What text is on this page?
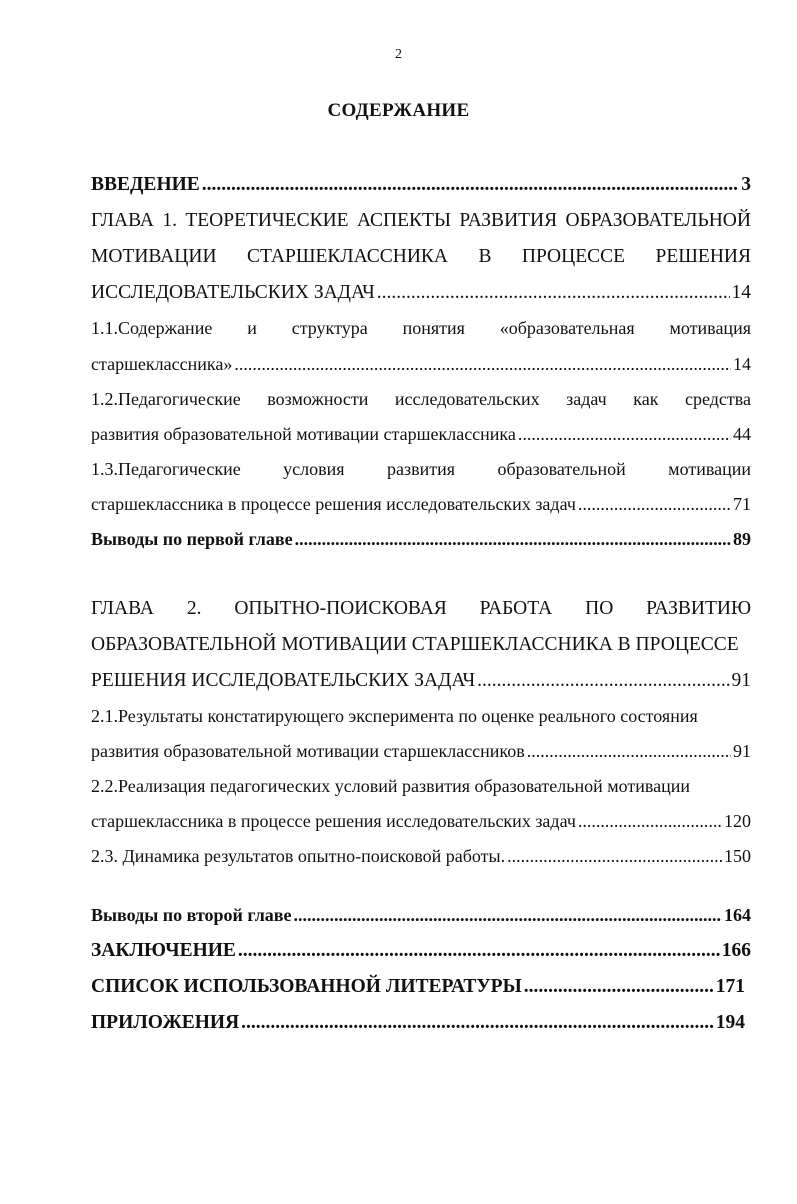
2
СОДЕРЖАНИЕ
ВВЕДЕНИЕ .....	3
ГЛАВА 1. ТЕОРЕТИЧЕСКИЕ АСПЕКТЫ РАЗВИТИЯ ОБРАЗОВАТЕЛЬНОЙ
МОТИВАЦИИ СТАРШЕКЛАССНИКА В ПРОЦЕССЕ РЕШЕНИЯ
ИССЛЕДОВАТЕЛЬСКИХ ЗАДАЧ .....	14
1.1.Содержание и структура понятия «образовательная мотивация
старшеклассника» .....	14
1.2.Педагогические возможности исследовательских задач как средства
развития образовательной мотивации старшеклассника .....	44
1.3.Педагогические условия развития образовательной мотивации
старшеклассника в процессе решения исследовательских задач .....	71
Выводы по первой главе .....	89
ГЛАВА 2. ОПЫТНО-ПОИСКОВАЯ РАБОТА ПО РАЗВИТИЮ
ОБРАЗОВАТЕЛЬНОЙ МОТИВАЦИИ СТАРШЕКЛАССНИКА В ПРОЦЕССЕ
РЕШЕНИЯ ИССЛЕДОВАТЕЛЬСКИХ ЗАДАЧ .....	91
2.1.Результаты констатирующего эксперимента по оценке реального состояния
развития образовательной мотивации старшеклассников .....	91
2.2.Реализация педагогических условий развития образовательной мотивации
старшеклассника в процессе решения исследовательских задач .....	120
2.3. Динамика результатов опытно-поисковой работы. .....	150
Выводы по второй главе .....	164
ЗАКЛЮЧЕНИЕ .....	166
СПИСОК ИСПОЛЬЗОВАННОЙ ЛИТЕРАТУРЫ .....	171
ПРИЛОЖЕНИЯ .....	194
